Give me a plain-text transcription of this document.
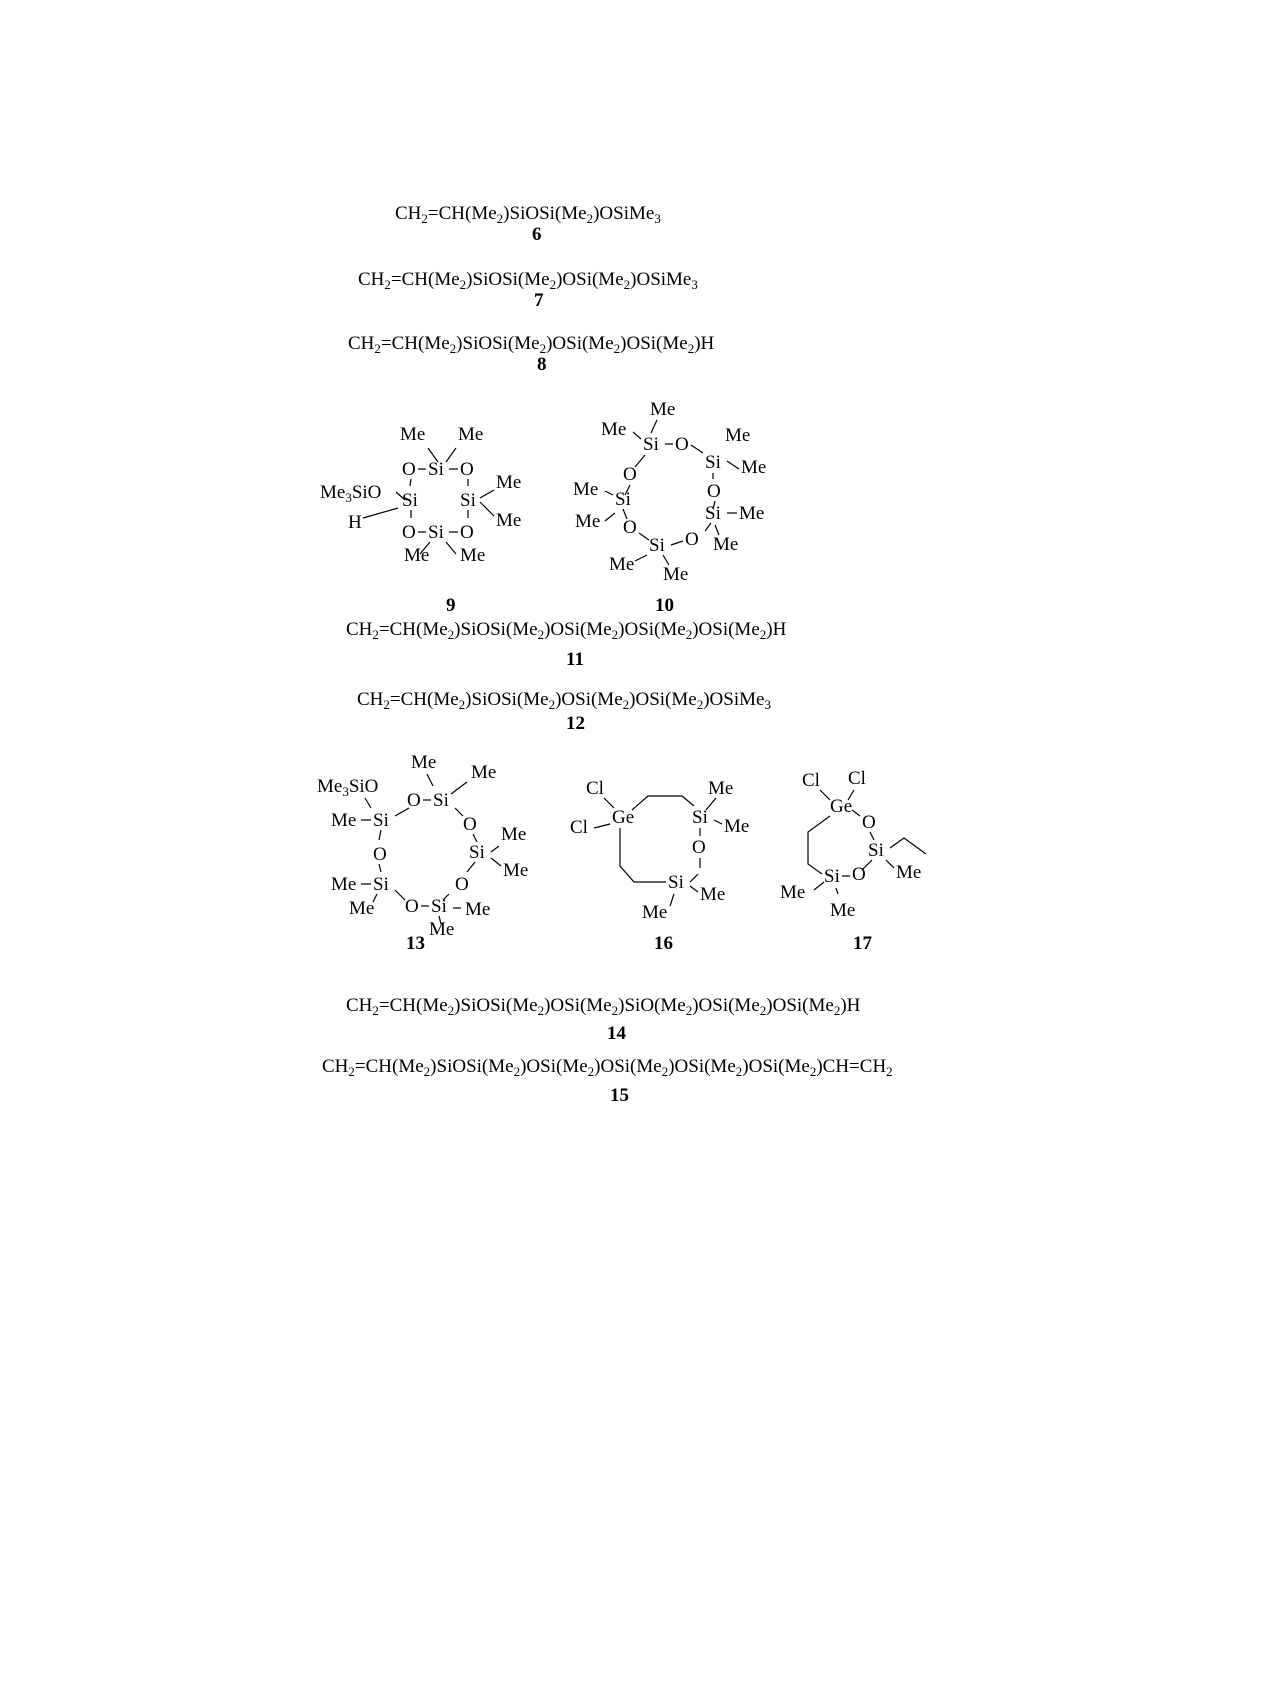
$CH_2=CH(Me_2)SiOSi(Me_2)OSiMe_3$
6
$CH_2=CH(Me_2)SiOSi(Me_2)OSi(Me_2)OSiMe_3$
7
$CH_2=CH(Me_2)SiOSi(Me_2)OSi(Me_2)OSi(Me_2)H$
8
Me Me
O Si O
$Me_3SiO$ Si Si
Me
Me
H O Si O
Me Me
9
Me
Me
Si O Me
Si Me
O
O
Me Si
Si Me
Me O
O Me
Si
Me Me
10
$CH_2=CH(Me_2)SiOSi(Me_2)OSi(Me_2)OSi(Me_2)OSi(Me_2)H$
11
$CH_2=CH(Me_2)SiOSi(Me_2)OSi(Me_2)OSi(Me_2)OSiMe_3$
12
Me Me
$Me_3SiO$
O Si
Me Si	O Me
O	Si
Me
Me Si	O
Me O Si Me
Me
13
Cl	Me
Ge	Si
Cl	Me
O
Si
Me
Me
16
Cl Cl
Ge
O
Si
Me
O
Si
Me
Me
17
$CH_2=CH(Me_2)SiOSi(Me_2)OSi(Me_2)SiO(Me_2)OSi(Me_2)OSi(Me_2)H$
14
$CH_2=CH(Me_2)SiOSi(Me_2)OSi(Me_2)OSi(Me_2)OSi(Me_2)OSi(Me_2)CH=CH_2$
15
